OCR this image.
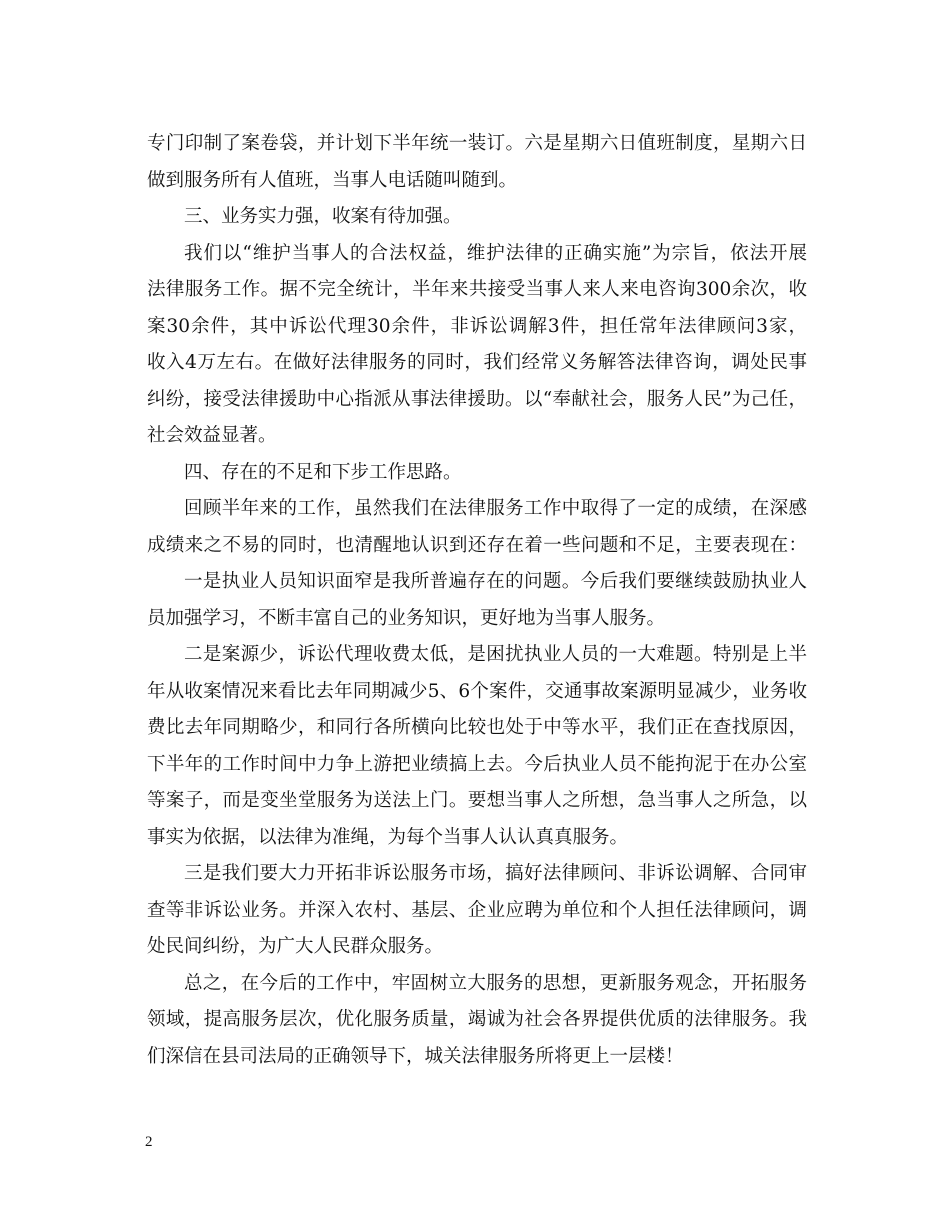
专门印制了案卷袋，并计划下半年统一装订。六是星期六日值班制度，星期六日
做到服务所有人值班，当事人电话随叫随到。
三、业务实力强，收案有待加强。
我们以“维护当事人的合法权益，维护法律的正确实施”为宗旨，依法开展
法律服务工作。据不完全统计，半年来共接受当事人来人来电咨询300余次，收
案30余件，其中诉讼代理30余件，非诉讼调解3件，担任常年法律顾问3家，
收入4万左右。在做好法律服务的同时，我们经常义务解答法律咨询，调处民事
纠纷，接受法律援助中心指派从事法律援助。以“奉献社会，服务人民”为己任，
社会效益显著。
四、存在的不足和下步工作思路。
回顾半年来的工作，虽然我们在法律服务工作中取得了一定的成绩，在深感
成绩来之不易的同时，也清醒地认识到还存在着一些问题和不足，主要表现在：
一是执业人员知识面窄是我所普遍存在的问题。今后我们要继续鼓励执业人
员加强学习，不断丰富自己的业务知识，更好地为当事人服务。
二是案源少，诉讼代理收费太低，是困扰执业人员的一大难题。特别是上半
年从收案情况来看比去年同期减少5、6个案件，交通事故案源明显减少，业务收
费比去年同期略少，和同行各所横向比较也处于中等水平，我们正在查找原因，
下半年的工作时间中力争上游把业绩搞上去。今后执业人员不能拘泥于在办公室
等案子，而是变坐堂服务为送法上门。要想当事人之所想，急当事人之所急，以
事实为依据，以法律为准绳，为每个当事人认认真真服务。
三是我们要大力开拓非诉讼服务市场，搞好法律顾问、非诉讼调解、合同审
查等非诉讼业务。并深入农村、基层、企业应聘为单位和个人担任法律顾问，调
处民间纠纷，为广大人民群众服务。
总之，在今后的工作中，牢固树立大服务的思想，更新服务观念，开拓服务
领域，提高服务层次，优化服务质量，竭诚为社会各界提供优质的法律服务。我
们深信在县司法局的正确领导下，城关法律服务所将更上一层楼！
2
